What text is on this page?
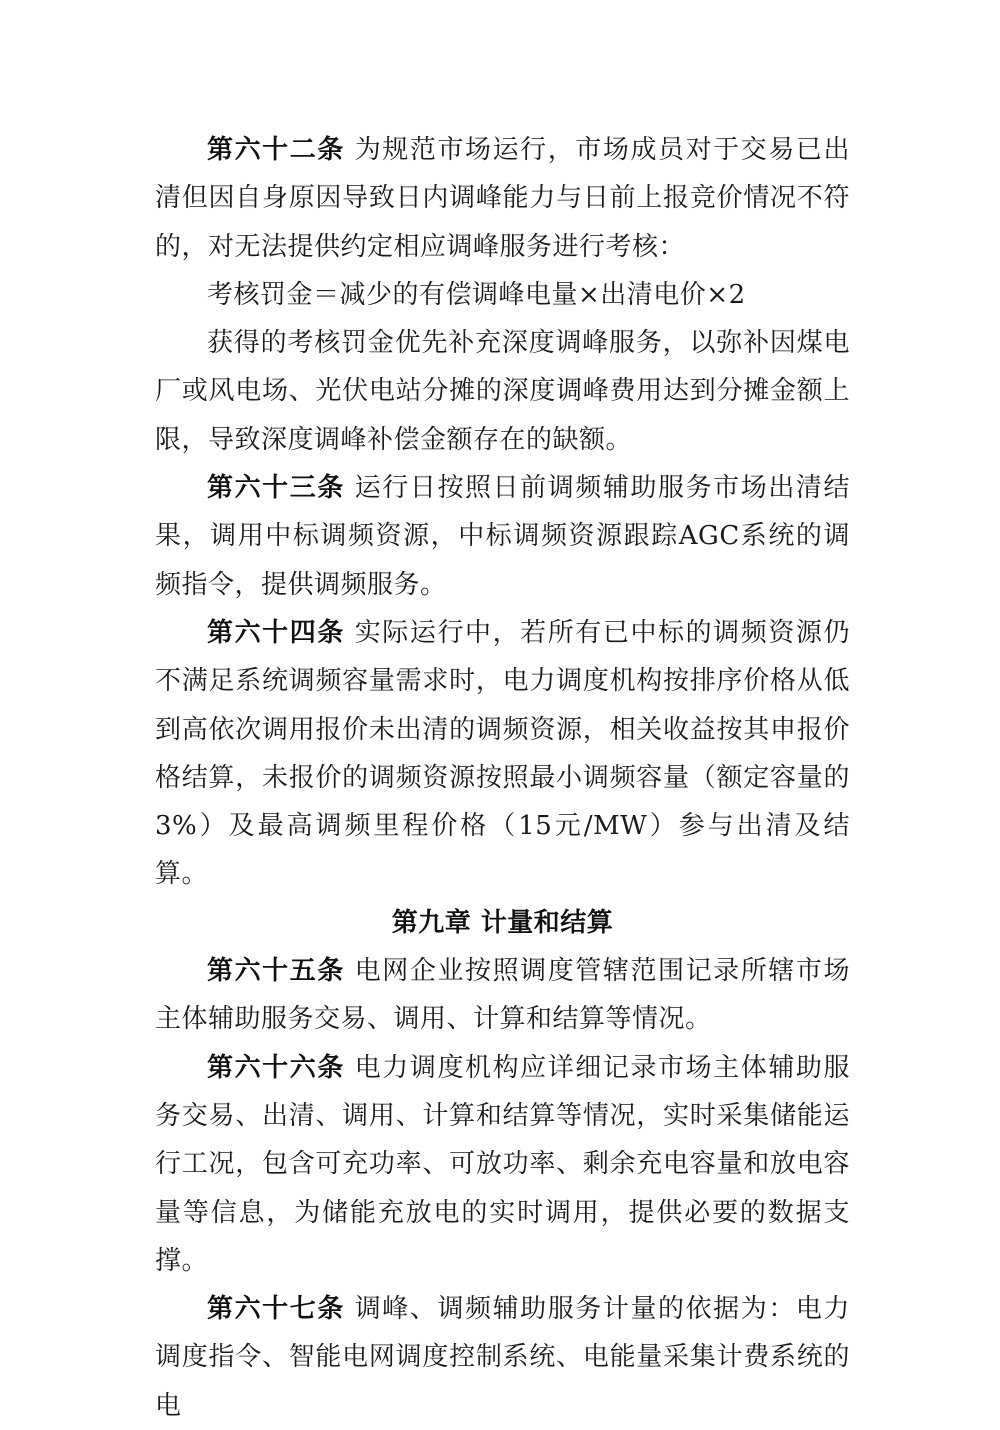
第六十二条 为规范市场运行，市场成员对于交易已出清但因自身原因导致日内调峰能力与日前上报竞价情况不符的，对无法提供约定相应调峰服务进行考核：

考核罚金＝减少的有偿调峰电量×出清电价×2

获得的考核罚金优先补充深度调峰服务，以弥补因煤电厂或风电场、光伏电站分摊的深度调峰费用达到分摊金额上限，导致深度调峰补偿金额存在的缺额。

第六十三条 运行日按照日前调频辅助服务市场出清结果，调用中标调频资源，中标调频资源跟踪AGC系统的调频指令，提供调频服务。

第六十四条 实际运行中，若所有已中标的调频资源仍不满足系统调频容量需求时，电力调度机构按排序价格从低到高依次调用报价未出清的调频资源，相关收益按其申报价格结算，未报价的调频资源按照最小调频容量（额定容量的3%）及最高调频里程价格（15元/MW）参与出清及结算。

第九章 计量和结算

第六十五条 电网企业按照调度管辖范围记录所辖市场主体辅助服务交易、调用、计算和结算等情况。

第六十六条 电力调度机构应详细记录市场主体辅助服务交易、出清、调用、计算和结算等情况，实时采集储能运行工况，包含可充功率、可放功率、剩余充电容量和放电容量等信息，为储能充放电的实时调用，提供必要的数据支撑。

第六十七条 调峰、调频辅助服务计量的依据为：电力调度指令、智能电网调度控制系统、电能量采集计费系统的电
